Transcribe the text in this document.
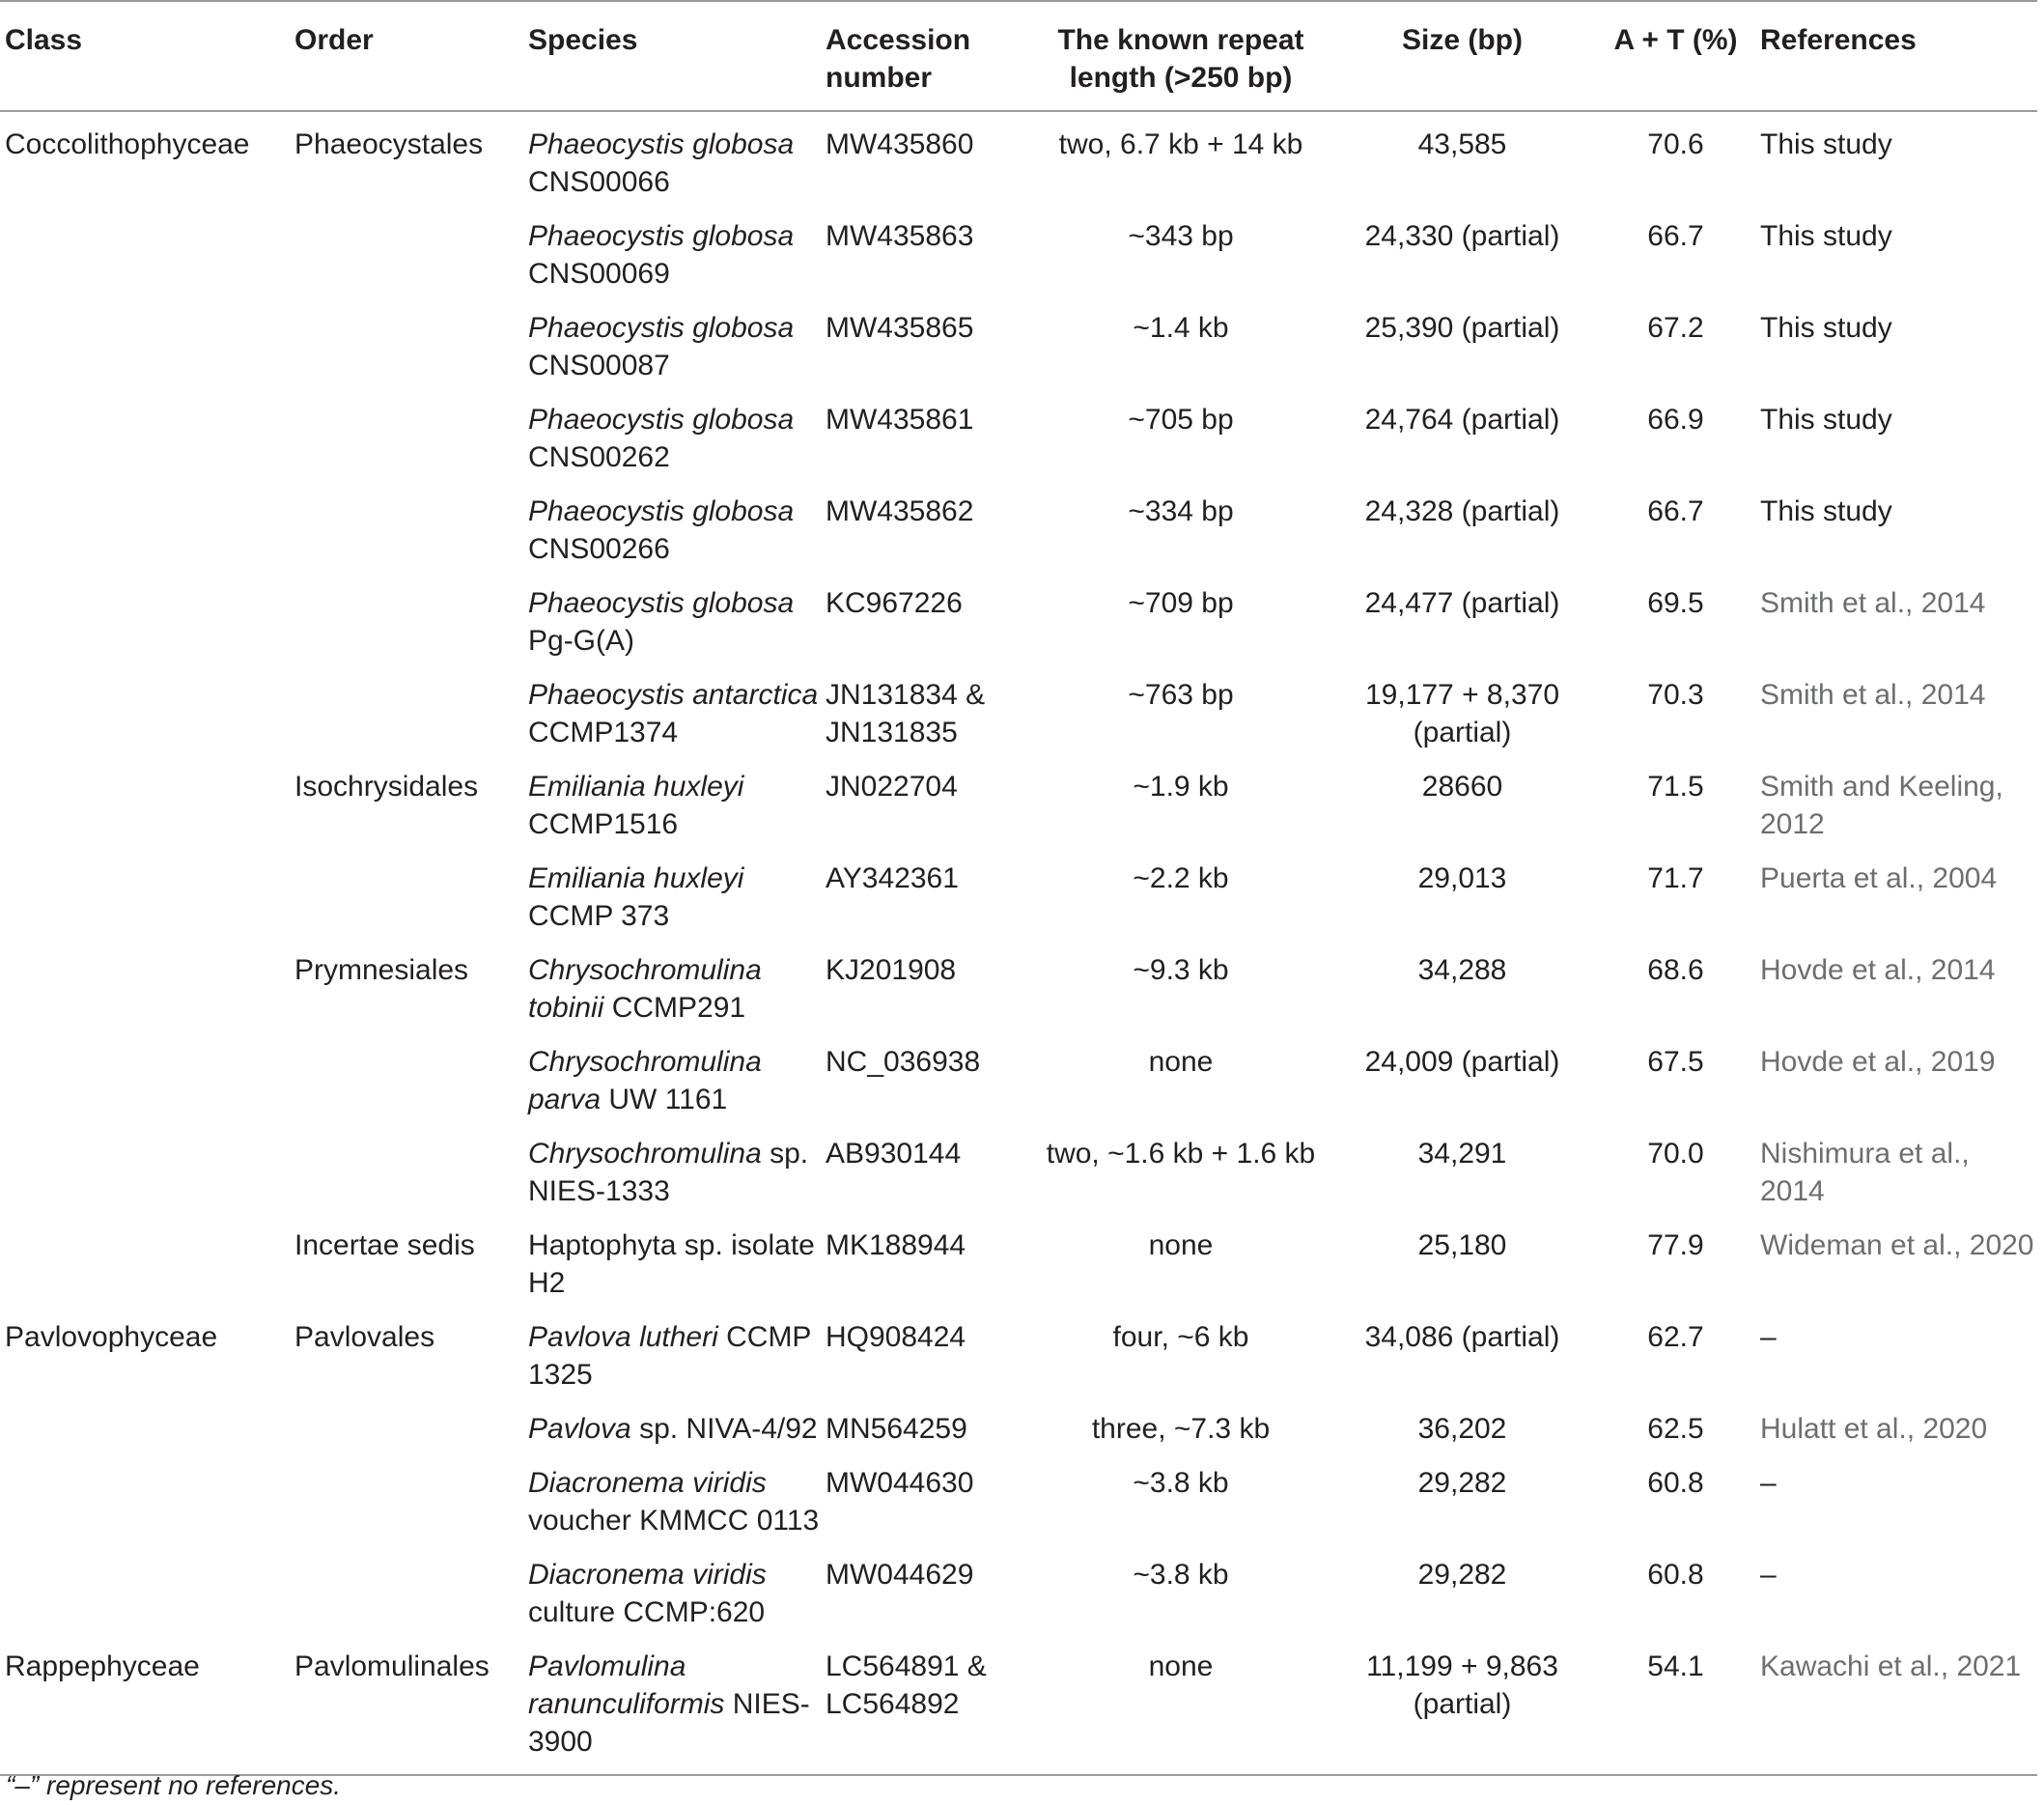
Class	Order	Species	Accession number	The known repeat length (>250 bp)	Size (bp)	A + T (%)	References
Coccolithophyceae	Phaeocystales	Phaeocystis globosa CNS00066	MW435860	two, 6.7 kb + 14 kb	43,585	70.6	This study
		Phaeocystis globosa CNS00069	MW435863	~343 bp	24,330 (partial)	66.7	This study
		Phaeocystis globosa CNS00087	MW435865	~1.4 kb	25,390 (partial)	67.2	This study
		Phaeocystis globosa CNS00262	MW435861	~705 bp	24,764 (partial)	66.9	This study
		Phaeocystis globosa CNS00266	MW435862	~334 bp	24,328 (partial)	66.7	This study
		Phaeocystis globosa Pg-G(A)	KC967226	~709 bp	24,477 (partial)	69.5	Smith et al., 2014
		Phaeocystis antarctica CCMP1374	JN131834 & JN131835	~763 bp	19,177 + 8,370 (partial)	70.3	Smith et al., 2014
	Isochrysidales	Emiliania huxleyi CCMP1516	JN022704	~1.9 kb	28660	71.5	Smith and Keeling, 2012
		Emiliania huxleyi CCMP 373	AY342361	~2.2 kb	29,013	71.7	Puerta et al., 2004
	Prymnesiales	Chrysochromulina tobinii CCMP291	KJ201908	~9.3 kb	34,288	68.6	Hovde et al., 2014
		Chrysochromulina parva UW 1161	NC_036938	none	24,009 (partial)	67.5	Hovde et al., 2019
		Chrysochromulina sp. NIES-1333	AB930144	two, ~1.6 kb + 1.6 kb	34,291	70.0	Nishimura et al., 2014
	Incertae sedis	Haptophyta sp. isolate H2	MK188944	none	25,180	77.9	Wideman et al., 2020
Pavlovophyceae	Pavlovales	Pavlova lutheri CCMP 1325	HQ908424	four, ~6 kb	34,086 (partial)	62.7	–
		Pavlova sp. NIVA-4/92	MN564259	three, ~7.3 kb	36,202	62.5	Hulatt et al., 2020
		Diacronema viridis voucher KMMCC 0113	MW044630	~3.8 kb	29,282	60.8	–
		Diacronema viridis culture CCMP:620	MW044629	~3.8 kb	29,282	60.8	–
Rappephyceae	Pavlomulinales	Pavlomulina ranunculiformis NIES-3900	LC564891 & LC564892	none	11,199 + 9,863 (partial)	54.1	Kawachi et al., 2021
“–” represent no references.
